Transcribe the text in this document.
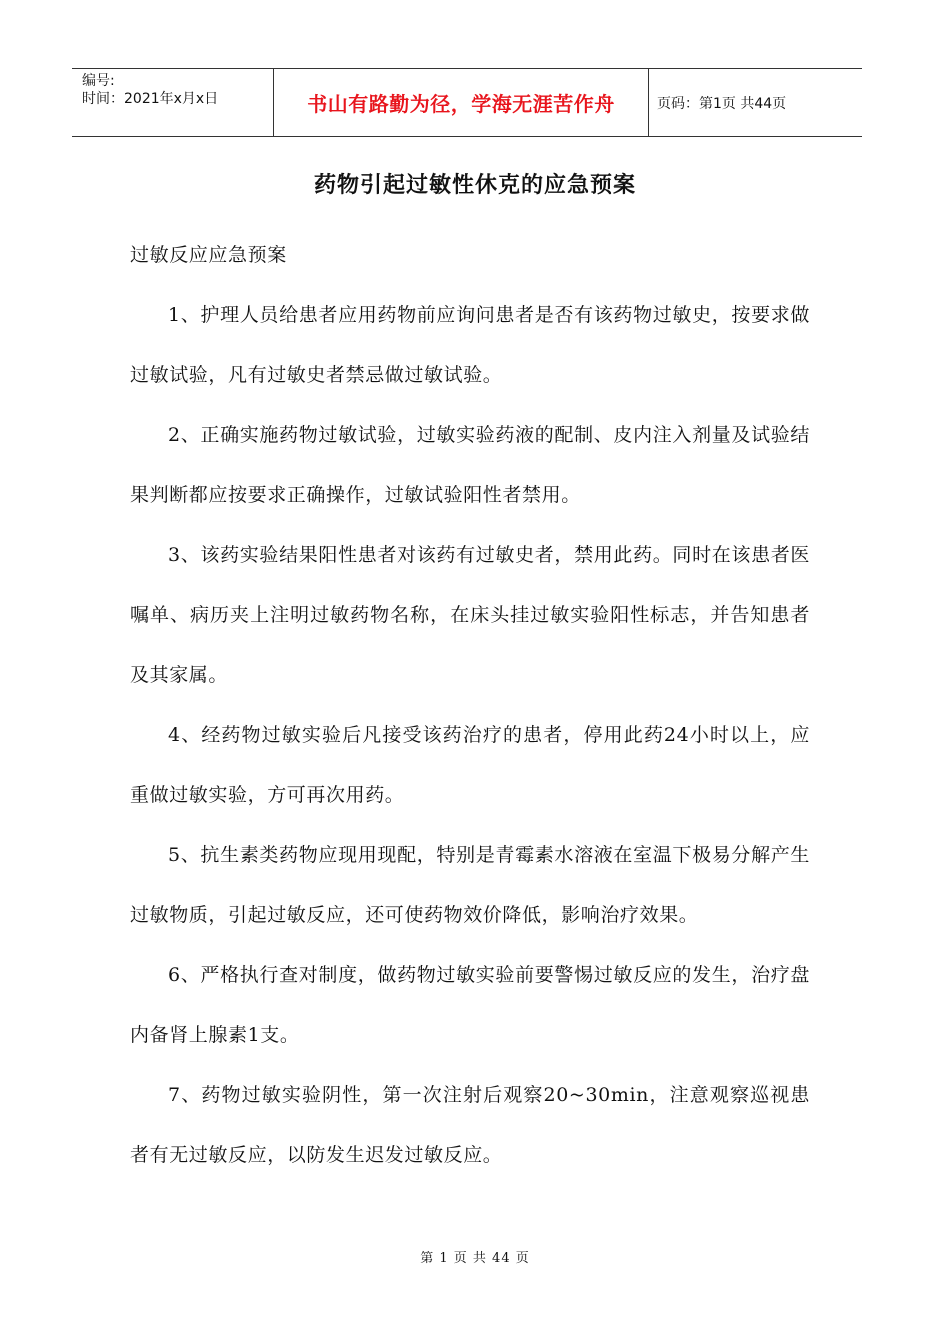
编号:
时间：2021年x月x日	书山有路勤为径，学海无涯苦作舟	页码：第1页 共44页
药物引起过敏性休克的应急预案

过敏反应应急预案

1、护理人员给患者应用药物前应询问患者是否有该药物过敏史，按要求做过敏试验，凡有过敏史者禁忌做过敏试验。

2、正确实施药物过敏试验，过敏实验药液的配制、皮内注入剂量及试验结果判断都应按要求正确操作，过敏试验阳性者禁用。

3、该药实验结果阳性患者对该药有过敏史者，禁用此药。同时在该患者医嘱单、病历夹上注明过敏药物名称，在床头挂过敏实验阳性标志，并告知患者及其家属。

4、经药物过敏实验后凡接受该药治疗的患者，停用此药24小时以上，应重做过敏实验，方可再次用药。

5、抗生素类药物应现用现配，特别是青霉素水溶液在室温下极易分解产生过敏物质，引起过敏反应，还可使药物效价降低，影响治疗效果。

6、严格执行查对制度，做药物过敏实验前要警惕过敏反应的发生，治疗盘内备肾上腺素1支。

7、药物过敏实验阴性，第一次注射后观察20~30min，注意观察巡视患者有无过敏反应，以防发生迟发过敏反应。

第 1 页 共 44 页
